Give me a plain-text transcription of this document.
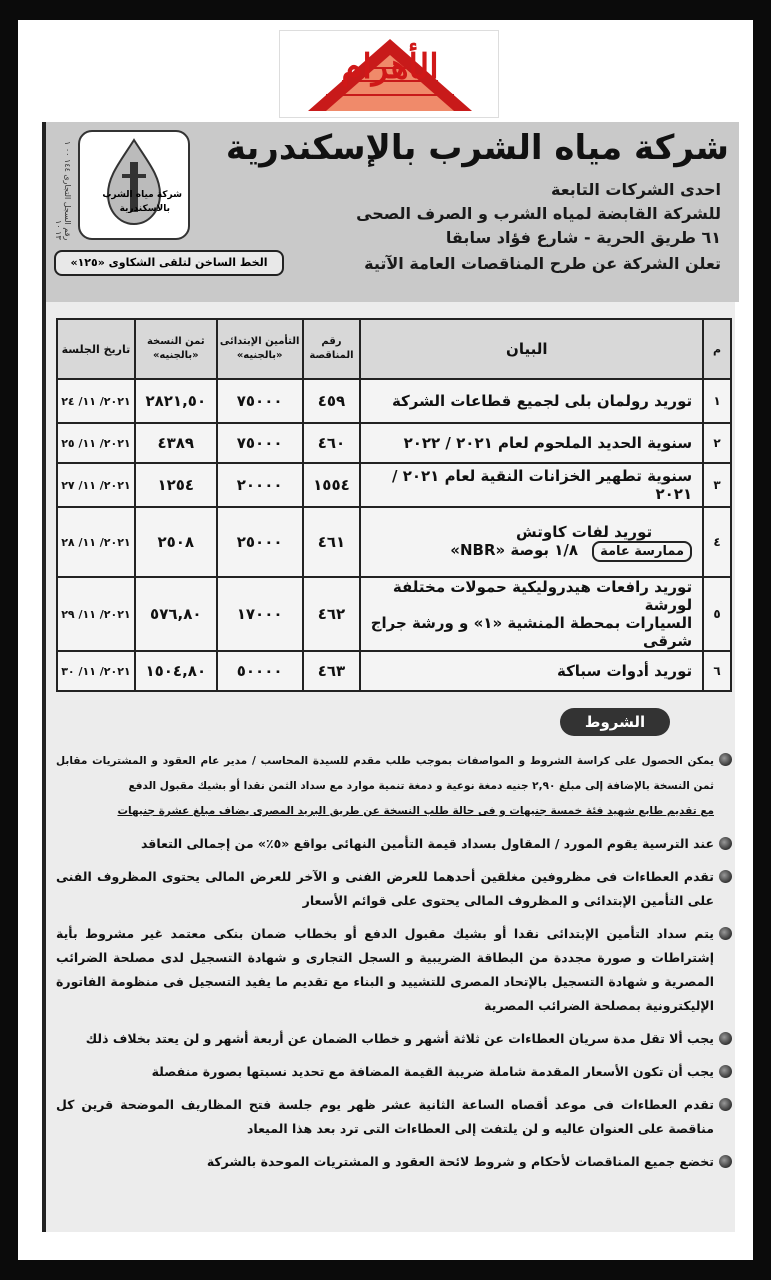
الأهرام
شركة مياه الشرب بالإسكندرية
احدى الشركات التابعة
للشركة القابضة لمياه الشرب و الصرف الصحى
٦١ طريق الحرية - شارع فؤاد سابقا
تعلن الشركة عن طرح المناقصات العامة الآتية
شركة مياه الشرب
بالاسكندرية
رقم السجل التجارى ١٤٤ ٠٠ ١ ١٣ ١٠
الخط الساخن لتلقى الشكاوى «١٢٥»
م	البيان	رقم المناقصة	التأمين الإبتدائى «بالجنيه»	ثمن النسخة «بالجنيه»	تاريخ الجلسة
١	توريد رولمان بلى لجميع قطاعات الشركة	٤٥٩	٧٥٠٠٠	٢٨٢١,٥٠	٢٠٢١/ ١١/ ٢٤
٢	سنوية الحديد الملحوم لعام ٢٠٢١ / ٢٠٢٢	٤٦٠	٧٥٠٠٠	٤٣٨٩	٢٠٢١/ ١١/ ٢٥
٣	سنوية تطهير الخزانات النقية لعام ٢٠٢١ / ٢٠٢١	١٥٥٤	٢٠٠٠٠	١٢٥٤	٢٠٢١/ ١١/ ٢٧
٤	توريد لفات كاوتش
ممارسة عامة١/٨ بوصة «NBR»	٤٦١	٢٥٠٠٠	٢٥٠٨	٢٠٢١/ ١١/ ٢٨
٥	توريد رافعات هيدروليكية حمولات مختلفة لورشة
السيارات بمحطة المنشية «١» و ورشة جراج شرقى	٤٦٢	١٧٠٠٠	٥٧٦,٨٠	٢٠٢١/ ١١/ ٢٩
٦	توريد أدوات سباكة	٤٦٣	٥٠٠٠٠	١٥٠٤,٨٠	٢٠٢١/ ١١/ ٣٠
الشروط
يمكن الحصول على كراسة الشروط و المواصفات بموجب طلب مقدم للسيدة المحاسب / مدير عام العقود و المشتريات مقابل ثمن النسخة بالإضافة إلى مبلغ ٢,٩٠ جنيه دمغة نوعية و دمغة تنمية موارد مع سداد الثمن نقدا أو بشيك مقبول الدفع
مع تقديم طابع شهيد فئة خمسة جنيهات و فى حالة طلب النسخة عن طريق البريد المصرى يضاف مبلغ عشرة جنيهات
عند الترسية يقوم المورد / المقاول بسداد قيمة التأمين النهائى بواقع «٥٪» من إجمالى التعاقد
تقدم العطاءات فى مظروفين مغلقين أحدهما للعرض الفنى و الآخر للعرض المالى يحتوى المظروف الفنى على التأمين الإبتدائى و المظروف المالى يحتوى على قوائم الأسعار
يتم سداد التأمين الإبتدائى نقدا أو بشيك مقبول الدفع أو بخطاب ضمان بنكى معتمد غير مشروط بأية إشتراطات و صورة مجددة من البطاقة الضريبية و السجل التجارى و شهادة التسجيل لدى مصلحة الضرائب المصرية و شهادة التسجيل بالإتحاد المصرى للتشييد و البناء مع تقديم ما يفيد التسجيل فى منظومة الفاتورة الإليكترونية بمصلحة الضرائب المصرية
يجب ألا تقل مدة سريان العطاءات عن ثلاثة أشهر و خطاب الضمان عن أربعة أشهر و لن يعتد بخلاف ذلك
يجب أن تكون الأسعار المقدمة شاملة ضريبة القيمة المضافة مع تحديد نسبتها بصورة منفصلة
تقدم العطاءات فى موعد أقصاه الساعة الثانية عشر ظهر يوم جلسة فتح المظاريف الموضحة قرين كل مناقصة على العنوان عاليه و لن يلتفت إلى العطاءات التى ترد بعد هذا الميعاد
تخضع جميع المناقصات لأحكام و شروط لائحة العقود و المشتريات الموحدة بالشركة
